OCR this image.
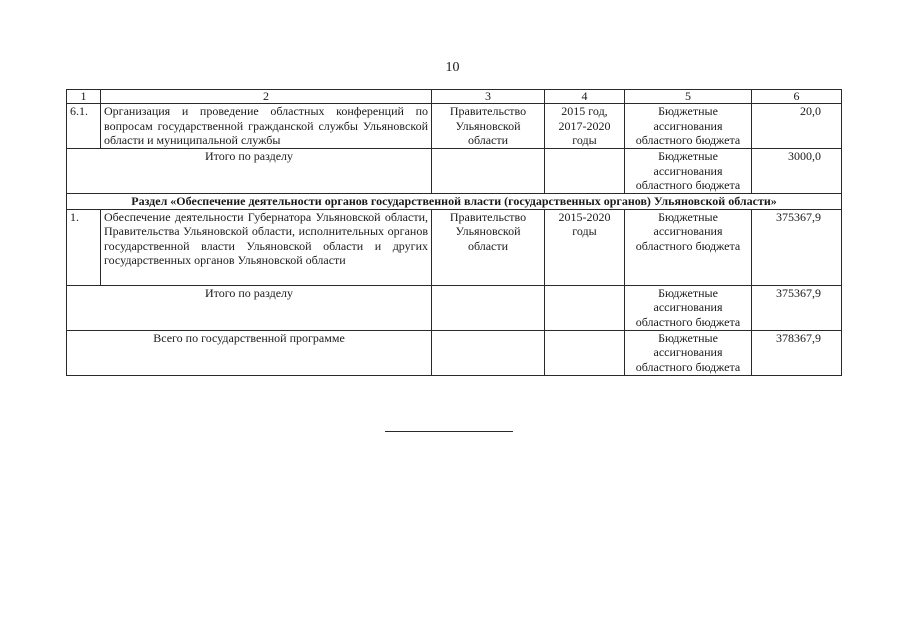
10
1	2	3	4	5	6
6.1.	Организация и проведение областных конференций по вопросам государственной гражданской службы Ульяновской области и муниципальной службы	Правительство Ульяновской области	2015 год, 2017-2020 годы	Бюджетные ассигнования областного бюджета	20,0
Итого по разделу				Бюджетные ассигнования областного бюджета	3000,0
Раздел «Обеспечение деятельности органов государственной власти (государственных органов) Ульяновской области»					
1.	Обеспечение деятельности Губернатора Ульяновской области, Правительства Ульяновской области, исполнительных органов государственной власти Ульяновской области и других государственных органов Ульяновской области	Правительство Ульяновской области	2015-2020 годы	Бюджетные ассигнования областного бюджета	375367,9
Итого по разделу				Бюджетные ассигнования областного бюджета	375367,9
Всего по государственной программе				Бюджетные ассигнования областного бюджета	378367,9
